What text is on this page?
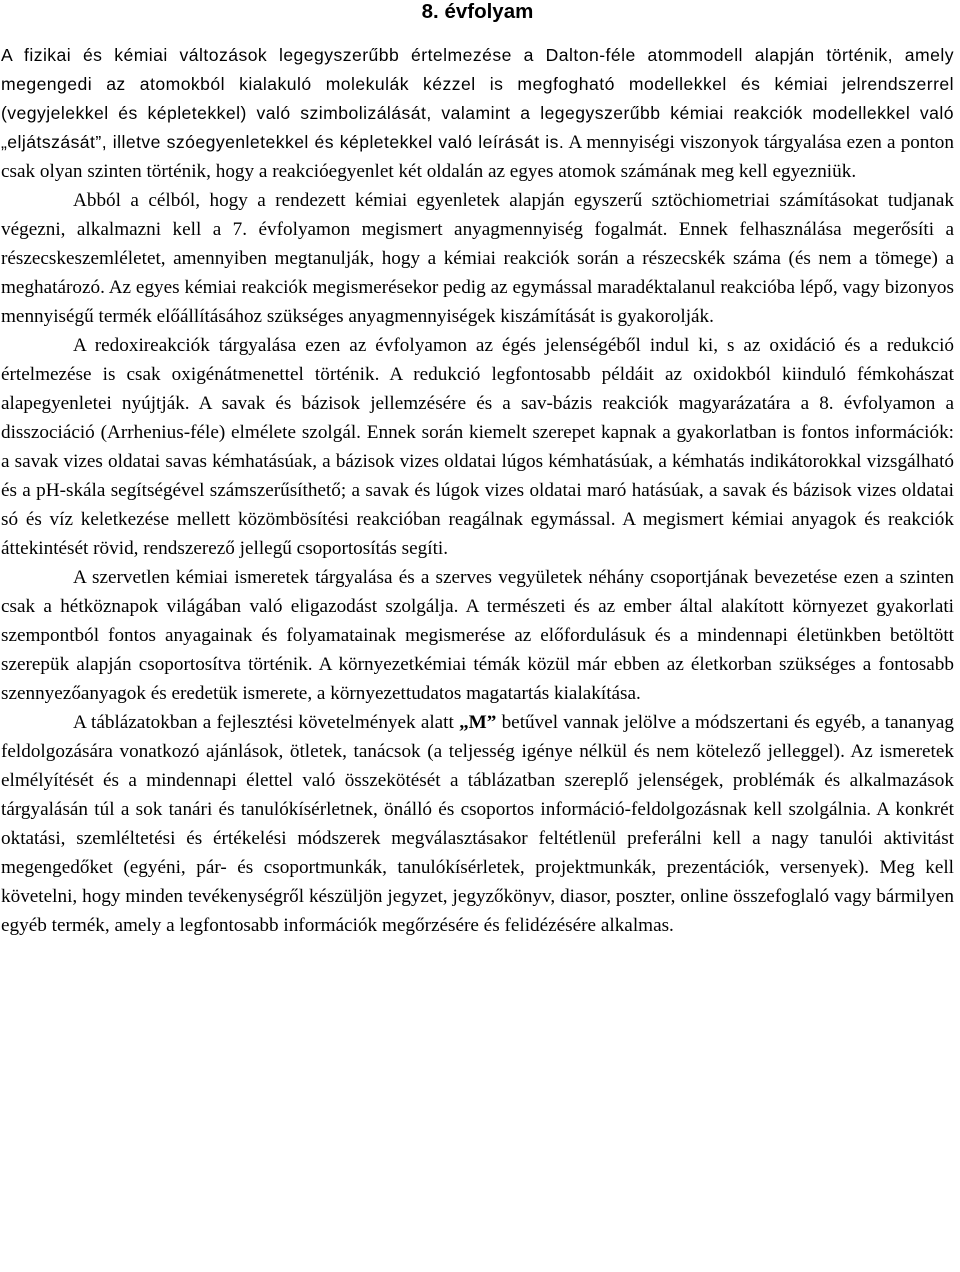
8. évfolyam

A fizikai és kémiai változások legegyszerűbb értelmezése a Dalton-féle atommodell alapján történik, amely megengedi az atomokból kialakuló molekulák kézzel is megfogható modellekkel és kémiai jelrendszerrel (vegyjelekkel és képletekkel) való szimbolizálását, valamint a legegyszerűbb kémiai reakciók modellekkel való „eljátszását”, illetve szóegyenletekkel és képletekkel való leírását is. A mennyiségi viszonyok tárgyalása ezen a ponton csak olyan szinten történik, hogy a reakcióegyenlet két oldalán az egyes atomok számának meg kell egyezniük.

Abból a célból, hogy a rendezett kémiai egyenletek alapján egyszerű sztöchiometriai számításokat tudjanak végezni, alkalmazni kell a 7. évfolyamon megismert anyagmennyiség fogalmát. Ennek felhasználása megerősíti a részecskeszemléletet, amennyiben megtanulják, hogy a kémiai reakciók során a részecskék száma (és nem a tömege) a meghatározó. Az egyes kémiai reakciók megismerésekor pedig az egymással maradéktalanul reakcióba lépő, vagy bizonyos mennyiségű termék előállításához szükséges anyagmennyiségek kiszámítását is gyakorolják.

A redoxireakciók tárgyalása ezen az évfolyamon az égés jelenségéből indul ki, s az oxidáció és a redukció értelmezése is csak oxigénátmenettel történik. A redukció legfontosabb példáit az oxidokból kiinduló fémkohászat alapegyenletei nyújtják. A savak és bázisok jellemzésére és a sav-bázis reakciók magyarázatára a 8. évfolyamon a disszociáció (Arrhenius-féle) elmélete szolgál. Ennek során kiemelt szerepet kapnak a gyakorlatban is fontos információk: a savak vizes oldatai savas kémhatásúak, a bázisok vizes oldatai lúgos kémhatásúak, a kémhatás indikátorokkal vizsgálható és a pH-skála segítségével számszerűsíthető; a savak és lúgok vizes oldatai maró hatásúak, a savak és bázisok vizes oldatai só és víz keletkezése mellett közömbösítési reakcióban reagálnak egymással. A megismert kémiai anyagok és reakciók áttekintését rövid, rendszerező jellegű csoportosítás segíti.

A szervetlen kémiai ismeretek tárgyalása és a szerves vegyületek néhány csoportjának bevezetése ezen a szinten csak a hétköznapok világában való eligazodást szolgálja. A természeti és az ember által alakított környezet gyakorlati szempontból fontos anyagainak és folyamatainak megismerése az előfordulásuk és a mindennapi életünkben betöltött szerepük alapján csoportosítva történik. A környezetkémiai témák közül már ebben az életkorban szükséges a fontosabb szennyezőanyagok és eredetük ismerete, a környezettudatos magatartás kialakítása.

A táblázatokban a fejlesztési követelmények alatt „M” betűvel vannak jelölve a módszertani és egyéb, a tananyag feldolgozására vonatkozó ajánlások, ötletek, tanácsok (a teljesség igénye nélkül és nem kötelező jelleggel). Az ismeretek elmélyítését és a mindennapi élettel való összekötését a táblázatban szereplő jelenségek, problémák és alkalmazások tárgyalásán túl a sok tanári és tanulókísérletnek, önálló és csoportos információ-feldolgozásnak kell szolgálnia. A konkrét oktatási, szemléltetési és értékelési módszerek megválasztásakor feltétlenül preferálni kell a nagy tanulói aktivitást megengedőket (egyéni, pár- és csoportmunkák, tanulókísérletek, projektmunkák, prezentációk, versenyek). Meg kell követelni, hogy minden tevékenységről készüljön jegyzet, jegyzőkönyv, diasor, poszter, online összefoglaló vagy bármilyen egyéb termék, amely a legfontosabb információk megőrzésére és felidézésére alkalmas.
